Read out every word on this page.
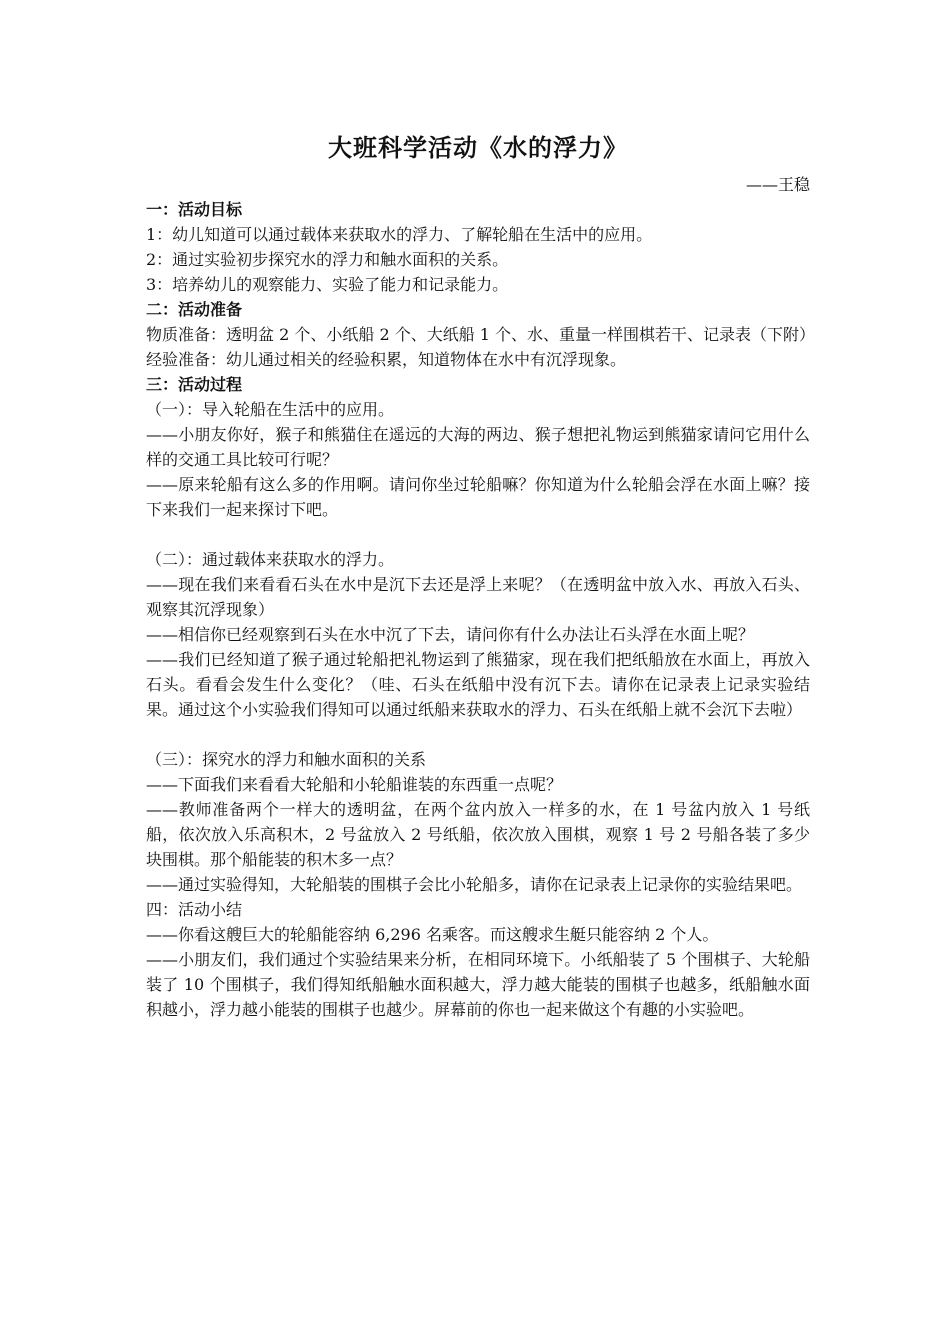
大班科学活动《水的浮力》
——王稳
一：活动目标

1：幼儿知道可以通过载体来获取水的浮力、了解轮船在生活中的应用。

2：通过实验初步探究水的浮力和触水面积的关系。

3：培养幼儿的观察能力、实验了能力和记录能力。

二：活动准备

物质准备：透明盆 2 个、小纸船 2 个、大纸船 1 个、水、重量一样围棋若干、记录表（下附）

经验准备：幼儿通过相关的经验积累，知道物体在水中有沉浮现象。

三：活动过程

（一）：导入轮船在生活中的应用。

——小朋友你好，猴子和熊猫住在遥远的大海的两边、猴子想把礼物运到熊猫家请问它用什么样的交通工具比较可行呢？

——原来轮船有这么多的作用啊。请问你坐过轮船嘛？你知道为什么轮船会浮在水面上嘛？接下来我们一起来探讨下吧。

（二）：通过载体来获取水的浮力。

——现在我们来看看石头在水中是沉下去还是浮上来呢？（在透明盆中放入水、再放入石头、观察其沉浮现象）

——相信你已经观察到石头在水中沉了下去，请问你有什么办法让石头浮在水面上呢？

——我们已经知道了猴子通过轮船把礼物运到了熊猫家，现在我们把纸船放在水面上，再放入石头。看看会发生什么变化？（哇、石头在纸船中没有沉下去。请你在记录表上记录实验结果。通过这个小实验我们得知可以通过纸船来获取水的浮力、石头在纸船上就不会沉下去啦）

（三）：探究水的浮力和触水面积的关系

——下面我们来看看大轮船和小轮船谁装的东西重一点呢？

——教师准备两个一样大的透明盆，在两个盆内放入一样多的水，在 1 号盆内放入 1 号纸船，依次放入乐高积木，2 号盆放入 2 号纸船，依次放入围棋，观察 1 号 2 号船各装了多少块围棋。那个船能装的积木多一点？

——通过实验得知，大轮船装的围棋子会比小轮船多，请你在记录表上记录你的实验结果吧。

四：活动小结

——你看这艘巨大的轮船能容纳 6,296 名乘客。而这艘求生艇只能容纳 2 个人。

——小朋友们，我们通过个实验结果来分析，在相同环境下。小纸船装了 5 个围棋子、大轮船装了 10 个围棋子，我们得知纸船触水面积越大，浮力越大能装的围棋子也越多，纸船触水面积越小，浮力越小能装的围棋子也越少。屏幕前的你也一起来做这个有趣的小实验吧。
